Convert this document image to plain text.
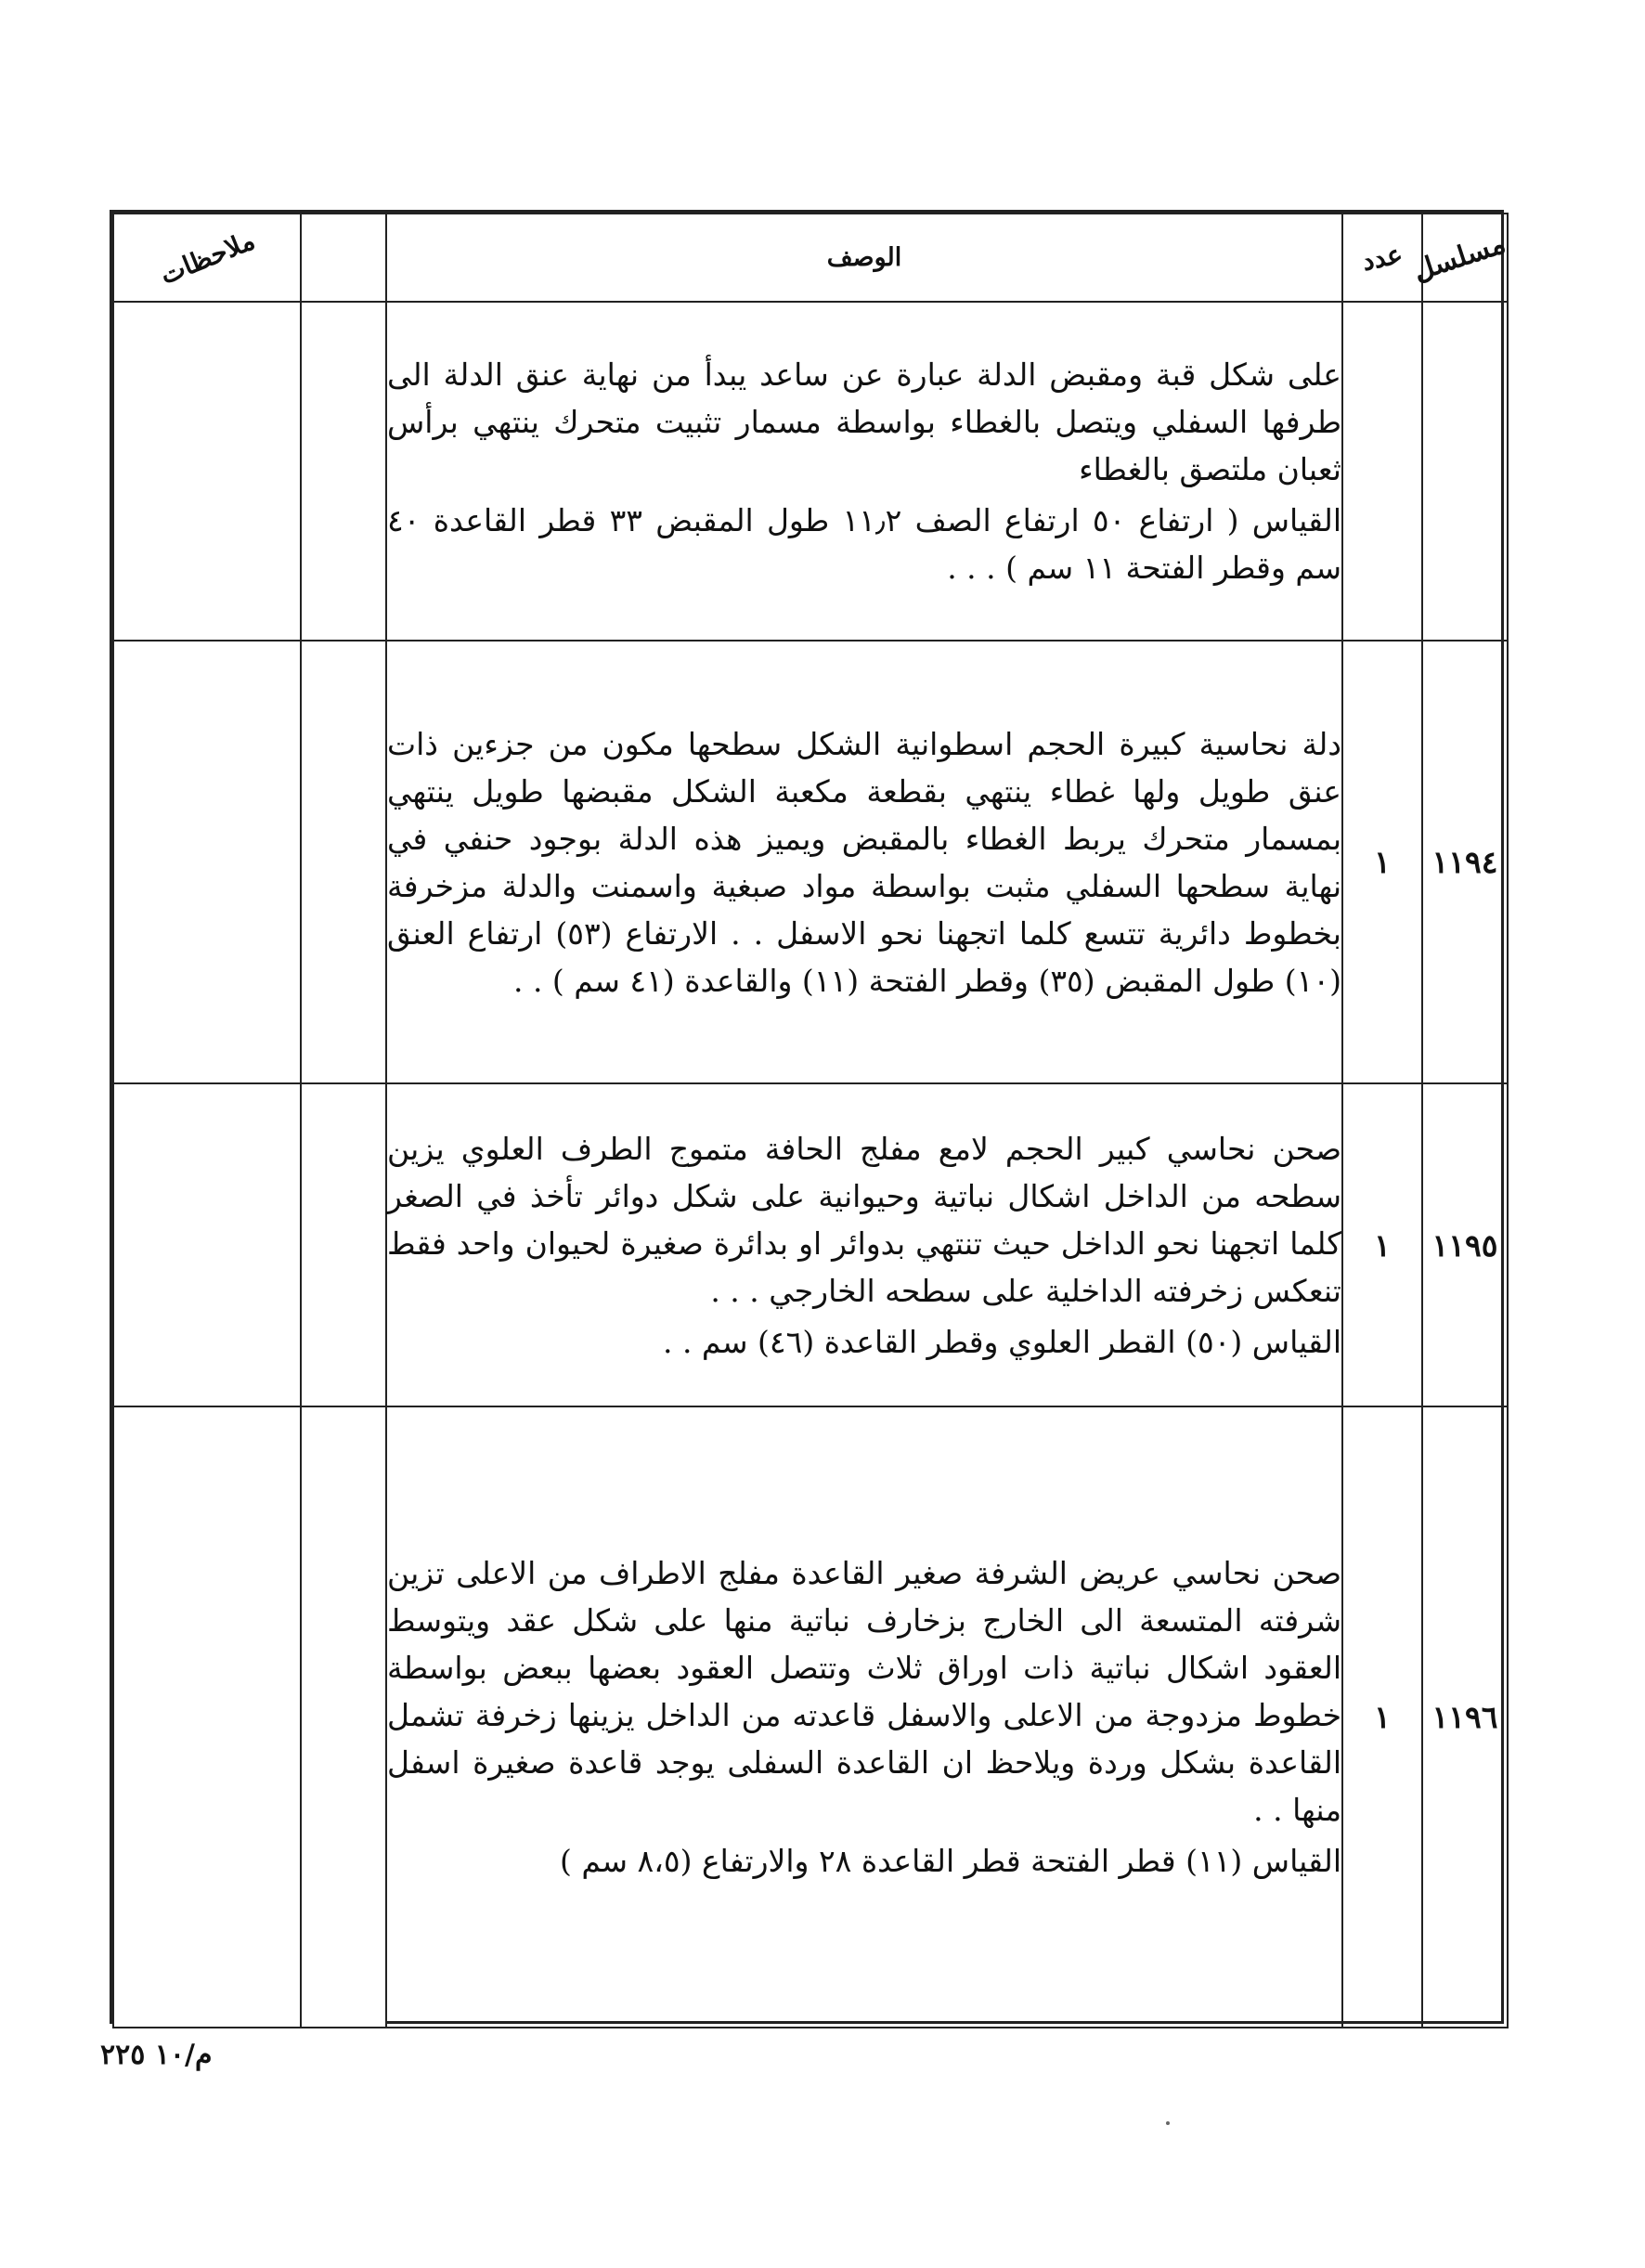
مسلسل	عدد	الوصف		ملاحظات

		على شكل قبة ومقبض الدلة عبارة عن ساعد يبدأ من نهاية عنق الدلة الى طرفها السفلي ويتصل بالغطاء بواسطة مسمار تثبيت متحرك ينتهي برأس ثعبان ملتصق بالغطاء

القياس ( ارتفاع ٥٠ ارتفاع الصف ١١٫٢ طول المقبض ٣٣ قطر القاعدة ٤٠ سم وقطر الفتحة ١١ سم ) . . .		

١١٩٤	١	دلة نحاسية كبيرة الحجم اسطوانية الشكل سطحها مكون من جزءين ذات عنق طويل ولها غطاء ينتهي بقطعة مكعبة الشكل مقبضها طويل ينتهي بمسمار متحرك يربط الغطاء بالمقبض ويميز هذه الدلة بوجود حنفي في نهاية سطحها السفلي مثبت بواسطة مواد صبغية واسمنت والدلة مزخرفة بخطوط دائرية تتسع كلما اتجهنا نحو الاسفل . . الارتفاع (٥٣) ارتفاع العنق (١٠) طول المقبض (٣٥) وقطر الفتحة (١١) والقاعدة (٤١ سم ) . .		

١١٩٥	١	صحن نحاسي كبير الحجم لامع مفلج الحافة متموج الطرف العلوي يزين سطحه من الداخل اشكال نباتية وحيوانية على شكل دوائر تأخذ في الصغر كلما اتجهنا نحو الداخل حيث تنتهي بدوائر او بدائرة صغيرة لحيوان واحد فقط تنعكس زخرفته الداخلية على سطحه الخارجي . . .

القياس (٥٠) القطر العلوي وقطر القاعدة (٤٦) سم . .		

١١٩٦	١	صحن نحاسي عريض الشرفة صغير القاعدة مفلج الاطراف من الاعلى تزين شرفته المتسعة الى الخارج بزخارف نباتية منها على شكل عقد ويتوسط العقود اشكال نباتية ذات اوراق ثلاث وتتصل العقود بعضها ببعض بواسطة خطوط مزدوجة من الاعلى والاسفل قاعدته من الداخل يزينها زخرفة تشمل القاعدة بشكل وردة ويلاحظ ان القاعدة السفلى يوجد قاعدة صغيرة اسفل منها . .

القياس (١١) قطر الفتحة قطر القاعدة ٢٨ والارتفاع (٨،٥ سم )		

م/١٠ ٢٢٥
